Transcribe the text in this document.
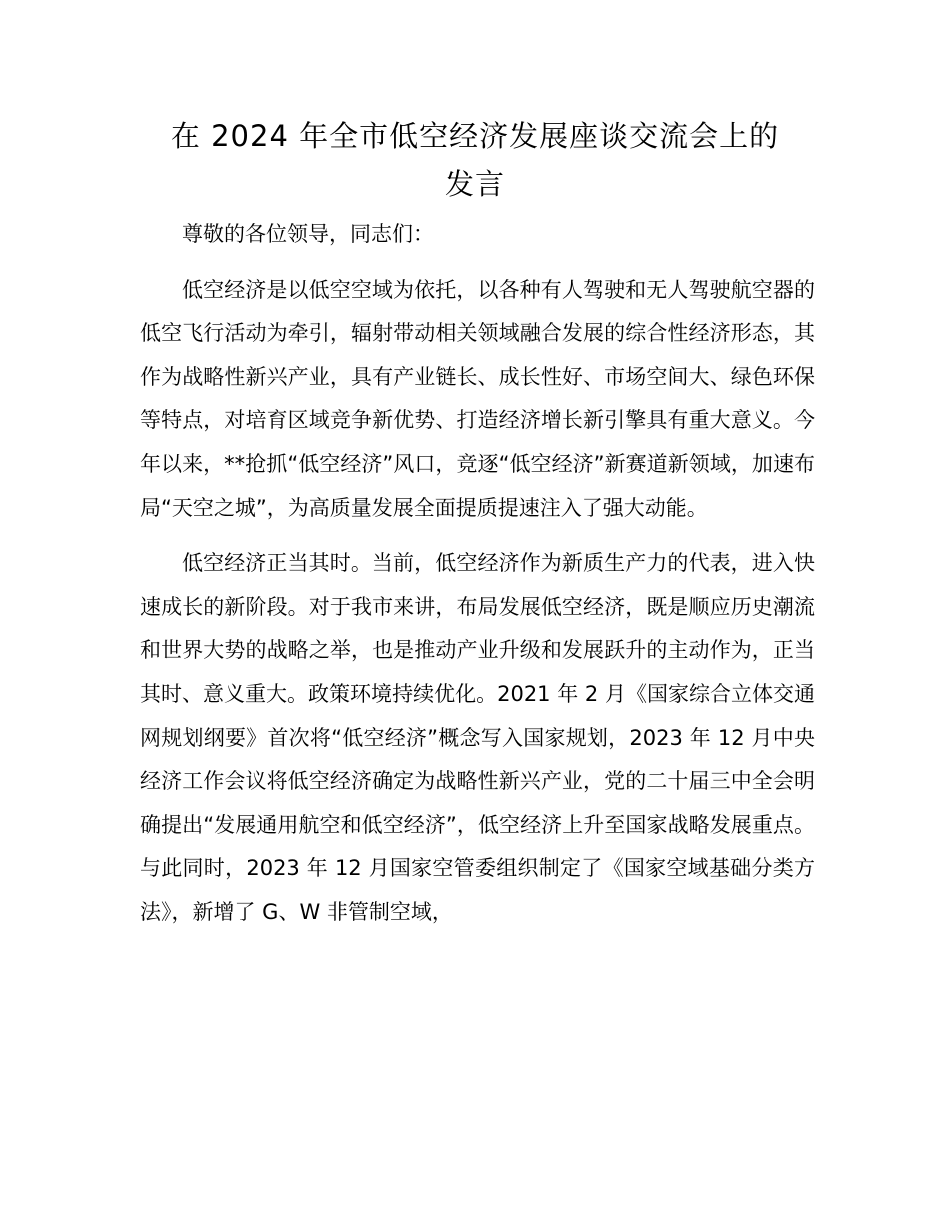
在 2024 年全市低空经济发展座谈交流会上的
发言

尊敬的各位领导，同志们：

低空经济是以低空空域为依托，以各种有人驾驶和无人驾驶航空器的低空飞行活动为牵引，辐射带动相关领域融合发展的综合性经济形态，其作为战略性新兴产业，具有产业链长、成长性好、市场空间大、绿色环保等特点，对培育区域竞争新优势、打造经济增长新引擎具有重大意义。今年以来，**抢抓“低空经济”风口，竞逐“低空经济”新赛道新领域，加速布局“天空之城”，为高质量发展全面提质提速注入了强大动能。

低空经济正当其时。当前，低空经济作为新质生产力的代表，进入快速成长的新阶段。对于我市来讲，布局发展低空经济，既是顺应历史潮流和世界大势的战略之举，也是推动产业升级和发展跃升的主动作为，正当其时、意义重大。政策环境持续优化。2021 年 2 月《国家综合立体交通网规划纲要》首次将“低空经济”概念写入国家规划，2023 年 12 月中央经济工作会议将低空经济确定为战略性新兴产业，党的二十届三中全会明确提出“发展通用航空和低空经济”，低空经济上升至国家战略发展重点。与此同时，2023 年 12 月国家空管委组织制定了《国家空域基础分类方法》，新增了 G、W 非管制空域，
